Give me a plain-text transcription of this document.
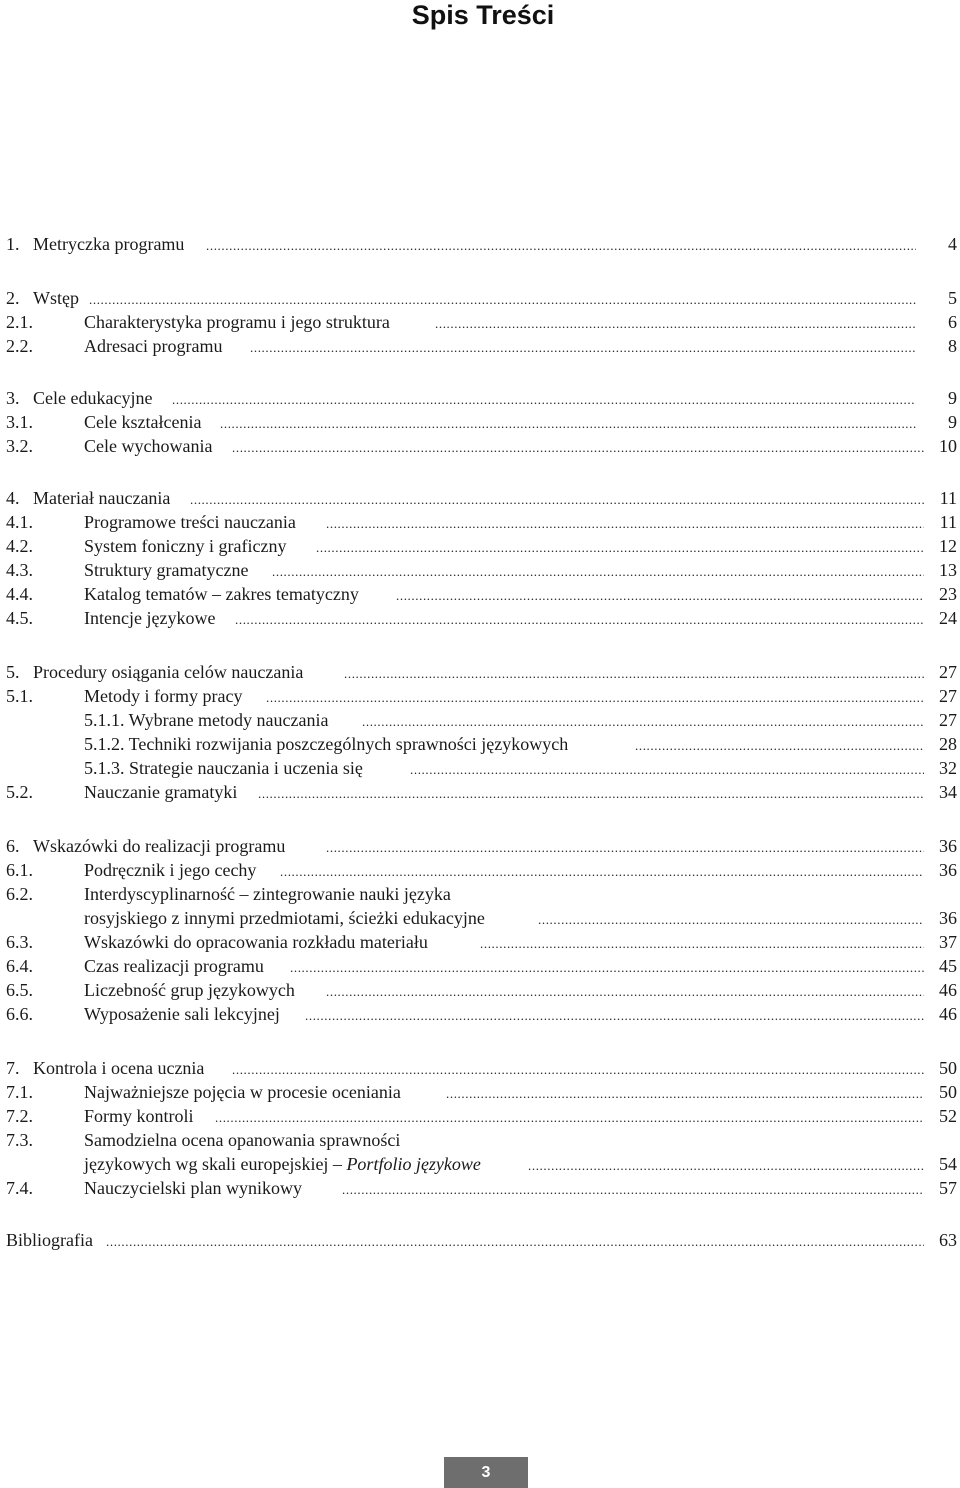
Spis Treści
1. Metryczka programu .....	4
2. Wstęp .....	5
2.1.	Charakterystyka programu i jego struktura .....	6
2.2.	Adresaci programu .....	8
3. Cele edukacyjne .....	9
3.1.	Cele kształcenia .....	9
3.2.	Cele wychowania .....	10
4. Materiał nauczania .....	11
4.1.	Programowe treści nauczania .....	11
4.2.	System foniczny i graficzny .....	12
4.3.	Struktury gramatyczne .....	13
4.4.	Katalog tematów – zakres tematyczny .....	23
4.5.	Intencje językowe .....	24
5. Procedury osiągania celów nauczania .....	27
5.1.	Metody i formy pracy .....	27
5.1.1. Wybrane metody nauczania .....	27
5.1.2. Techniki rozwijania poszczególnych sprawności językowych .....	28
5.1.3. Strategie nauczania i uczenia się .....	32
5.2.	Nauczanie gramatyki .....	34
6. Wskazówki do realizacji programu .....	36
6.1.	Podręcznik i jego cechy .....	36
6.2.	Interdyscyplinarność – zintegrowanie nauki języka
rosyjskiego z innymi przedmiotami, ścieżki edukacyjne .....	36
6.3.	Wskazówki do opracowania rozkładu materiału .....	37
6.4.	Czas realizacji programu .....	45
6.5.	Liczebność grup językowych .....	46
6.6.	Wyposażenie sali lekcyjnej .....	46
7. Kontrola i ocena ucznia .....	50
7.1.	Najważniejsze pojęcia w procesie oceniania .....	50
7.2.	Formy kontroli .....	52
7.3.	Samodzielna ocena opanowania sprawności
językowych wg skali europejskiej – Portfolio językowe .....	54
7.4.	Nauczycielski plan wynikowy .....	57
Bibliografia .....	63
3
